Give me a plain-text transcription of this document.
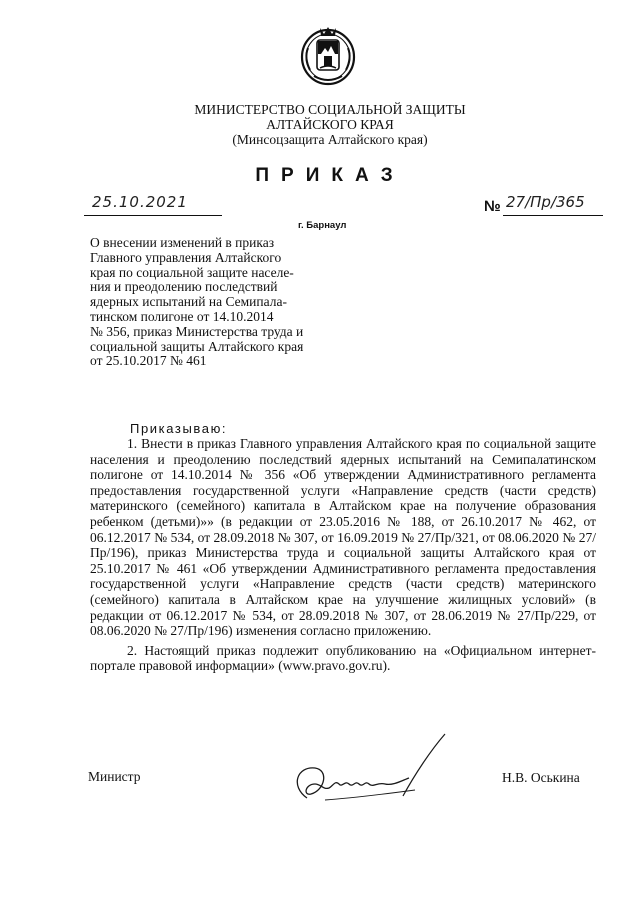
МИНИСТЕРСТВО СОЦИАЛЬНОЙ ЗАЩИТЫ
АЛТАЙСКОГО КРАЯ
(Минсоцзащита Алтайского края)
ПРИКАЗ
25.10.2021
г. Барнаул
№ 27/Пр/365
О внесении изменений в приказ
Главного управления Алтайского
края по социальной защите населе-
ния и преодолению последствий
ядерных испытаний на Семипала-
тинском полигоне от 14.10.2014
№ 356, приказ Министерства труда и
социальной защиты Алтайского края
от 25.10.2017 № 461
Приказываю:

1. Внести в приказ Главного управления Алтайского края по социальной защите населения и преодолению последствий ядерных испытаний на Семипалатинском полигоне от 14.10.2014 № 356 «Об утверждении Административного регламента предоставления государственной услуги «Направление средств (части средств) материнского (семейного) капитала в Алтайском крае на получение образования ребенком (детьми)»» (в редакции от 23.05.2016 № 188, от 26.10.2017 № 462, от 06.12.2017 № 534, от 28.09.2018 № 307, от 16.09.2019 № 27/Пр/321, от 08.06.2020 № 27/Пр/196), приказ Министерства труда и социальной защиты Алтайского края от 25.10.2017 № 461 «Об утверждении Административного регламента предоставления государственной услуги «Направление средств (части средств) материнского (семейного) капитала в Алтайском крае на улучшение жилищных условий» (в редакции от 06.12.2017 № 534, от 28.09.2018 № 307, от 28.06.2019 № 27/Пр/229, от 08.06.2020 № 27/Пр/196) изменения согласно приложению.

2. Настоящий приказ подлежит опубликованию на «Официальном интернет-портале правовой информации» (www.pravo.gov.ru).

Министр	Н.В. Оськина
